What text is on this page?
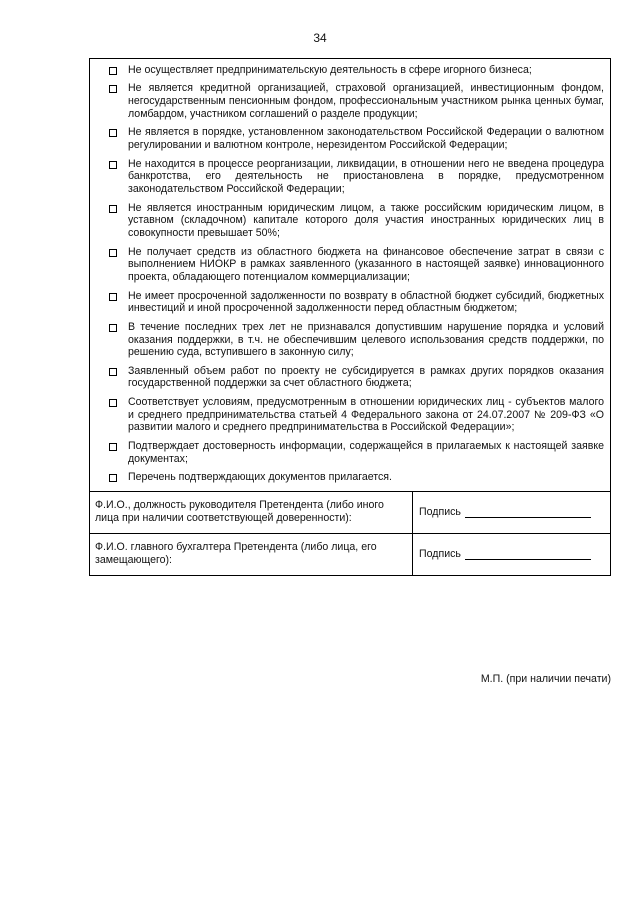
34
Не осуществляет предпринимательскую деятельность в сфере игорного бизнеса;
Не является кредитной организацией, страховой организацией, инвестиционным фондом, негосударственным пенсионным фондом, профессиональным участником рынка ценных бумаг, ломбардом, участником соглашений о разделе продукции;
Не является в порядке, установленном законодательством Российской Федерации о валютном регулировании и валютном контроле, нерезидентом Российской Федерации;
Не находится в процессе реорганизации, ликвидации, в отношении него не введена процедура банкротства, его деятельность не приостановлена в порядке, предусмотренном законодательством Российской Федерации;
Не является иностранным юридическим лицом, а также российским юридическим лицом, в уставном (складочном) капитале которого доля участия иностранных юридических лиц в совокупности превышает 50%;
Не получает средств из областного бюджета на финансовое обеспечение затрат в связи с выполнением НИОКР в рамках заявленного (указанного в настоящей заявке) инновационного проекта, обладающего потенциалом коммерциализации;
Не имеет просроченной задолженности по возврату в областной бюджет субсидий, бюджетных инвестиций и иной просроченной задолженности перед областным бюджетом;
В течение последних трех лет не признавался допустившим нарушение порядка и условий оказания поддержки, в т.ч. не обеспечившим целевого использования средств поддержки, по решению суда, вступившего в законную силу;
Заявленный объем работ по проекту не субсидируется в рамках других порядков оказания государственной поддержки за счет областного бюджета;
Соответствует условиям, предусмотренным в отношении юридических лиц - субъектов малого и среднего предпринимательства статьей 4 Федерального закона от 24.07.2007 № 209-ФЗ «О развитии малого и среднего предпринимательства в Российской Федерации»;
Подтверждает достоверность информации, содержащейся в прилагаемых к настоящей заявке документах;
Перечень подтверждающих документов прилагается.
Ф.И.О., должность руководителя Претендента (либо иного лица при наличии соответствующей доверенности):	Подпись
Ф.И.О. главного бухгалтера Претендента (либо лица, его замещающего):	Подпись
М.П. (при наличии печати)
